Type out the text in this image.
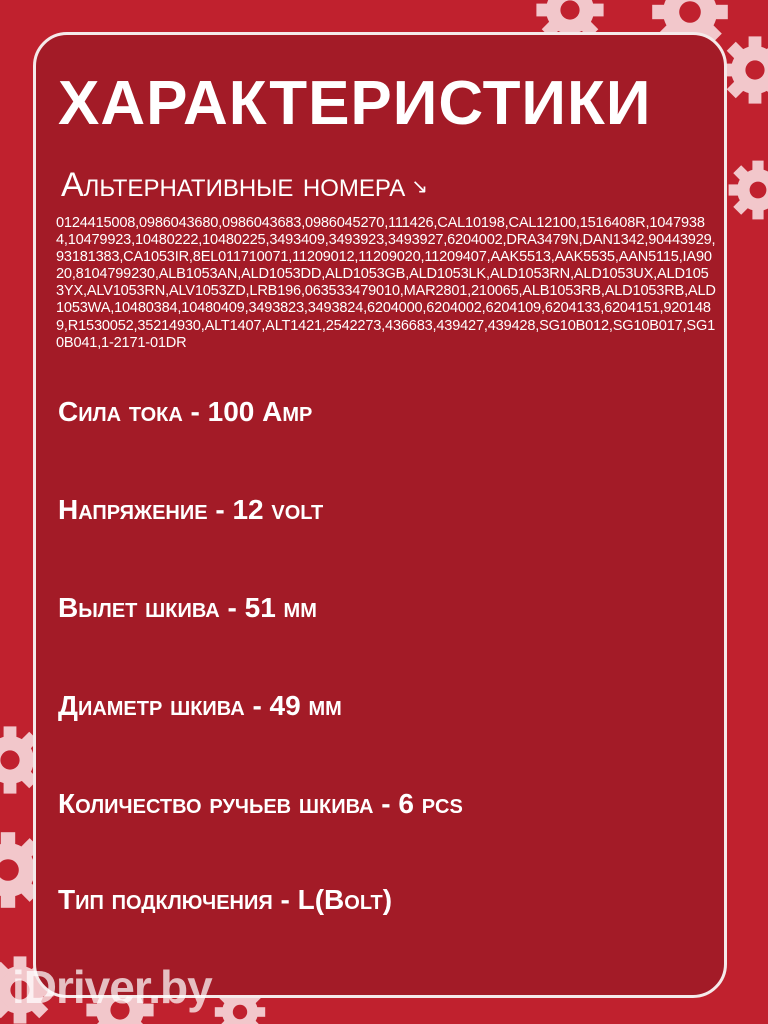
ХАРАКТЕРИСТИКИ
Альтернативные номера ↘

0124415008,0986043680,0986043683,0986045270,111426,CAL10198,CAL12100,1516408R,10479384,10479923,10480222,10480225,3493409,3493923,3493927,6204002,DRA3479N,DAN1342,90443929,93181383,CA1053IR,8EL011710071,11209012,11209020,11209407,AAK5513,AAK5535,AAN5115,IA9020,8104799230,ALB1053AN,ALD1053DD,ALD1053GB,ALD1053LK,ALD1053RN,ALD1053UX,ALD1053YX,ALV1053RN,ALV1053ZD,LRB196,063533479010,MAR2801,210065,ALB1053RB,ALD1053RB,ALD1053WA,10480384,10480409,3493823,3493824,6204000,6204002,6204109,6204133,6204151,9201489,R1530052,35214930,ALT1407,ALT1421,2542273,436683,439427,439428,SG10B012,SG10B017,SG10B041,1-2171-01DR

Сила тока - 100 Amp
Напряжение - 12 volt
Вылет шкива - 51 мм
Диаметр шкива - 49 мм
Количество ручьев шкива - 6 pcs
Тип подключения - L(Bolt)
iDriver.by
